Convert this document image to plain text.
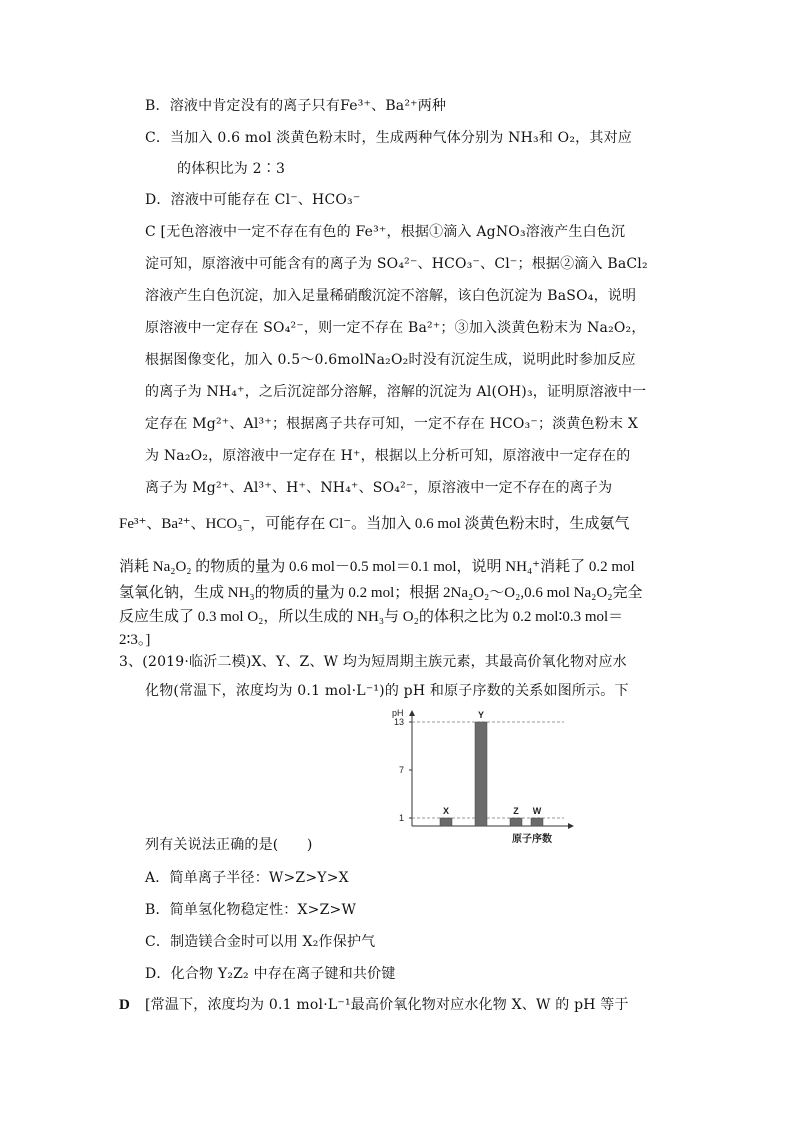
B．溶液中肯定没有的离子只有Fe³⁺、Ba²⁺两种
C．当加入 0.6 mol 淡黄色粉末时，生成两种气体分别为 NH₃和 O₂，其对应
的体积比为 2∶3
D．溶液中可能存在 Cl⁻、HCO₃⁻
C [无色溶液中一定不存在有色的 Fe³⁺，根据①滴入 AgNO₃溶液产生白色沉
淀可知，原溶液中可能含有的离子为 SO₄²⁻、HCO₃⁻、Cl⁻；根据②滴入 BaCl₂
溶液产生白色沉淀，加入足量稀硝酸沉淀不溶解，该白色沉淀为 BaSO₄，说明
原溶液中一定存在 SO₄²⁻，则一定不存在 Ba²⁺；③加入淡黄色粉末为 Na₂O₂，
根据图像变化，加入 0.5～0.6molNa₂O₂时没有沉淀生成，说明此时参加反应
的离子为 NH₄⁺，之后沉淀部分溶解，溶解的沉淀为 Al(OH)₃，证明原溶液中一
定存在 Mg²⁺、Al³⁺；根据离子共存可知，一定不存在 HCO₃⁻；淡黄色粉末 X
为 Na₂O₂，原溶液中一定存在 H⁺，根据以上分析可知，原溶液中一定存在的
离子为 Mg²⁺、Al³⁺、H⁺、NH₄⁺、SO₄²⁻，原溶液中一定不存在的离子为
Fe³⁺、Ba²⁺、HCO₃⁻，可能存在 Cl⁻。当加入 0.6 mol 淡黄色粉末时，生成氨气
消耗 Na₂O₂ 的物质的量为 0.6 mol－0.5 mol＝0.1 mol，说明 NH₄⁺消耗了 0.2 mol
氢氧化钠，生成 NH₃的物质的量为 0.2 mol；根据 2Na₂O₂～O₂,0.6 mol Na₂O₂完全
反应生成了 0.3 mol O₂，所以生成的 NH₃与 O₂的体积之比为 0.2 mol∶0.3 mol＝
2∶3。]
3、(2019·临沂二模)X、Y、Z、W 均为短周期主族元素，其最高价氧化物对应水
化物(常温下，浓度均为 0.1 mol·L⁻¹)的 pH 和原子序数的关系如图所示。下
pH
原子序数
1
7
13
X
Y
Z W
列有关说法正确的是(　　)
A．简单离子半径：W>Z>Y>X
B．简单氢化物稳定性：X>Z>W
C．制造镁合金时可以用 X₂作保护气
D．化合物 Y₂Z₂ 中存在离子键和共价键
D [常温下，浓度均为 0.1 mol·L⁻¹最高价氧化物对应水化物 X、W 的 pH 等于
